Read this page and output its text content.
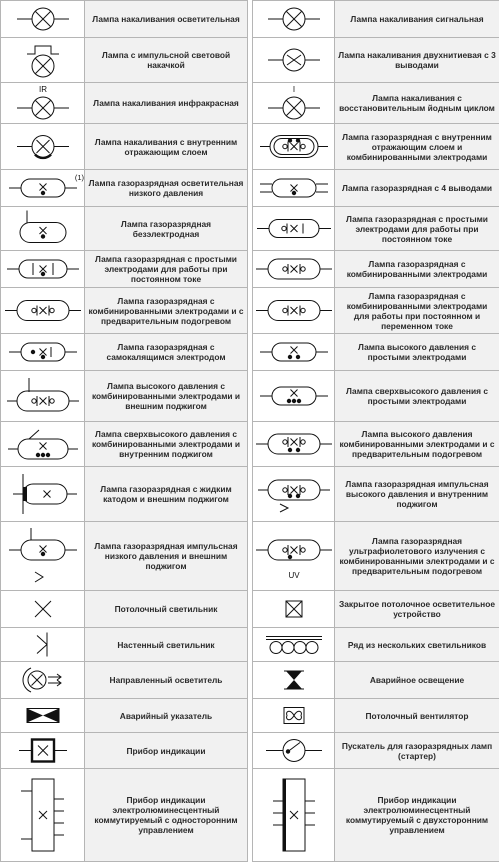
	Лампа накаливания осветительная			Лампа накаливания сигнальная

	Лампа с импульсной световой накачкой			Лампа накаливания двухнитиевая с 3 выводами

IR	Лампа накаливания инфракрасная		I	Лампа накаливания с восстановительным йодным циклом

	Лампа накаливания с внутренним отражающим слоем			Лампа газоразрядная с внутренним отражающим слоем и комбинированными электродами

(1)	Лампа газоразрядная осветительная низкого давления			Лампа газоразрядная с 4 выводами

	Лампа газоразрядная безэлектродная			Лампа газоразрядная с простыми электродами для работы при постоянном токе

	Лампа газоразрядная с простыми электродами для работы при постоянном токе			Лампа газоразрядная с комбинированными электродами

	Лампа газоразрядная с комбинированными электродами и с предварительным подогревом			Лампа газоразрядная с комбинированными электродами для работы при постоянном и переменном токе

	Лампа газоразрядная с самокалящимся электродом			Лампа высокого давления с простыми электродами

	Лампа высокого давления с комбинированными электродами и внешним поджигом			Лампа сверхвысокого давления с простыми электродами

	Лампа сверхвысокого давления с комбинированными электродами и внутренним поджигом			Лампа высокого давления комбинированными электродами и с предварительным подогревом

	Лампа газоразрядная с жидким катодом и внешним поджигом			Лампа газоразрядная импульсная высокого давления и внутренним поджигом

	Лампа газоразрядная импульсная низкого давления и внешним поджигом		UV	Лампа газоразрядная ультрафиолетового излучения с комбинированными электродами и с предварительным подогревом

	Потолочный светильник			Закрытое потолочное осветительное устройство

	Настенный светильник			Ряд из нескольких светильников

	Направленный осветитель			Аварийное освещение

	Аварийный указатель			Потолочный вентилятор

	Прибор индикации			Пускатель для газоразрядных ламп (стартер)

	Прибор индикации электролюминесцентный коммутируемый с односторонним управлением			Прибор индикации электролюминесцентный коммутируемый с двухсторонним управлением
